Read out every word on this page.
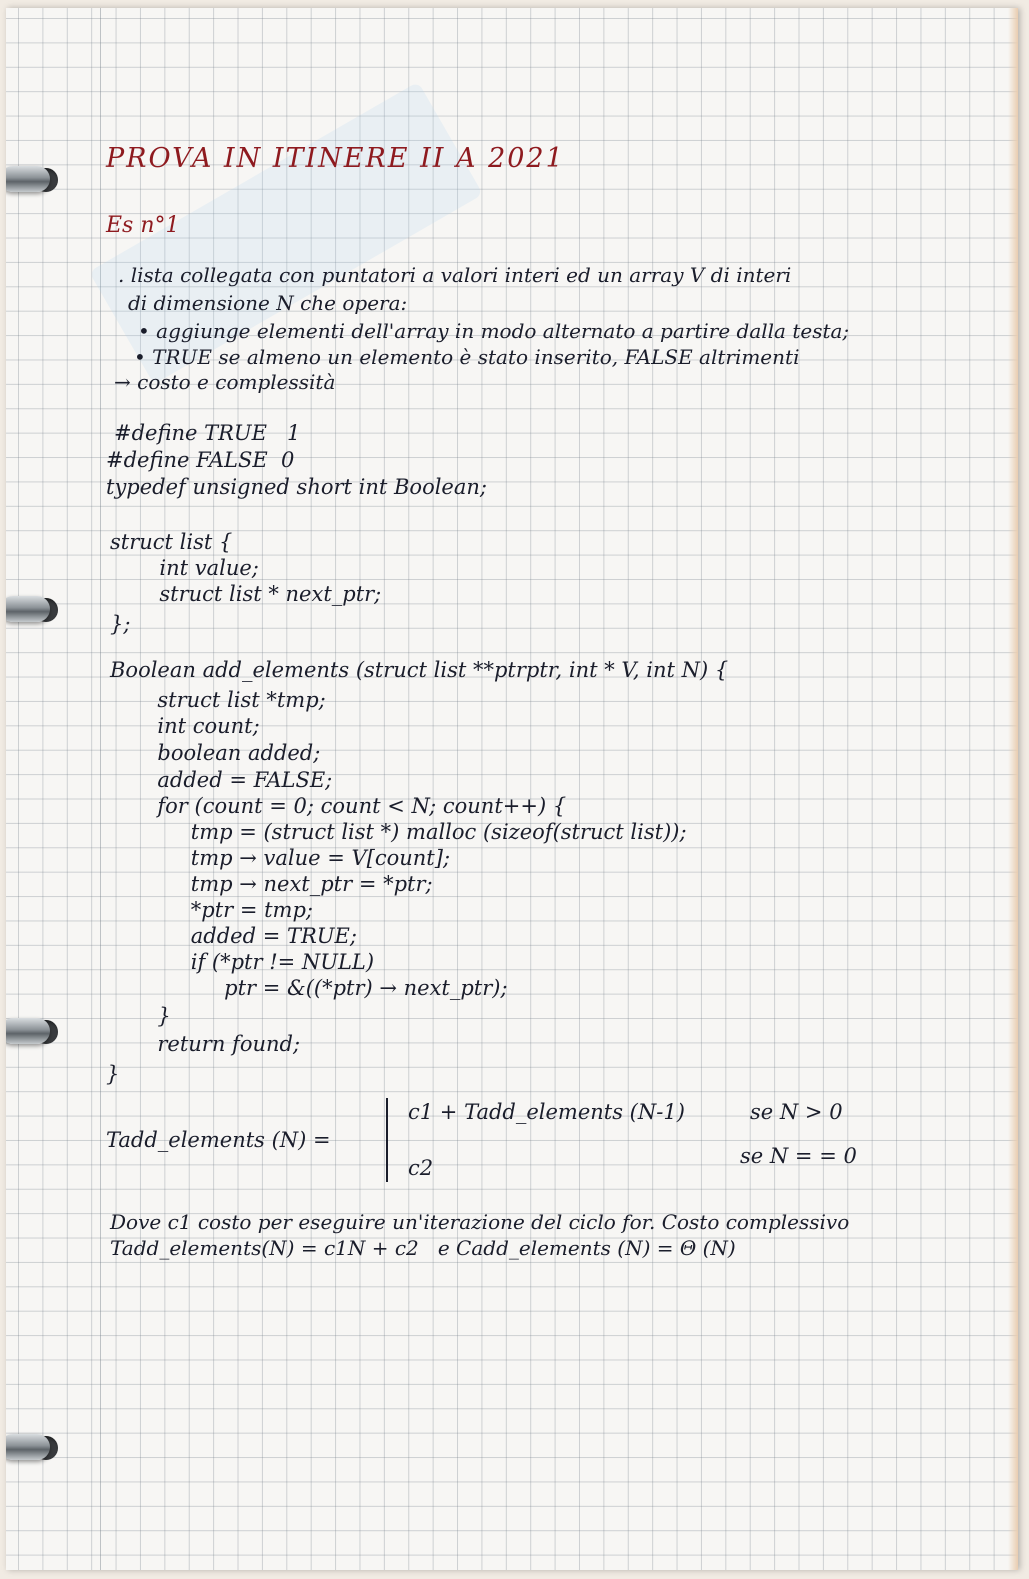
PROVA IN ITINERE II A 2021
Es n°1
. lista collegata con puntatori a valori interi ed un array V di interi
di dimensione N che opera:
• aggiunge elementi dell'array in modo alternato a partire dalla testa;
• TRUE se almeno un elemento è stato inserito, FALSE altrimenti
→ costo e complessità
#define TRUE   1
#define FALSE  0
typedef unsigned short int Boolean;
struct list {
int value;
struct list * next_ptr;
};
Boolean add_elements (struct list **ptrptr, int * V, int N) {
struct list *tmp;
int count;
boolean added;
added = FALSE;
for (count = 0; count < N; count++) {
tmp = (struct list *) malloc (sizeof(struct list));
tmp → value = V[count];
tmp → next_ptr = *ptr;
*ptr = tmp;
added = TRUE;
if (*ptr != NULL)
ptr = &((*ptr) → next_ptr);
}
return found;
}
Tadd_elements (N) =
c1 + Tadd_elements (N-1)	se N > 0
c2	se N = = 0
Dove c1 costo per eseguire un'iterazione del ciclo for. Costo complessivo
Tadd_elements(N) = c1N + c2   e Cadd_elements (N) = Θ (N)
